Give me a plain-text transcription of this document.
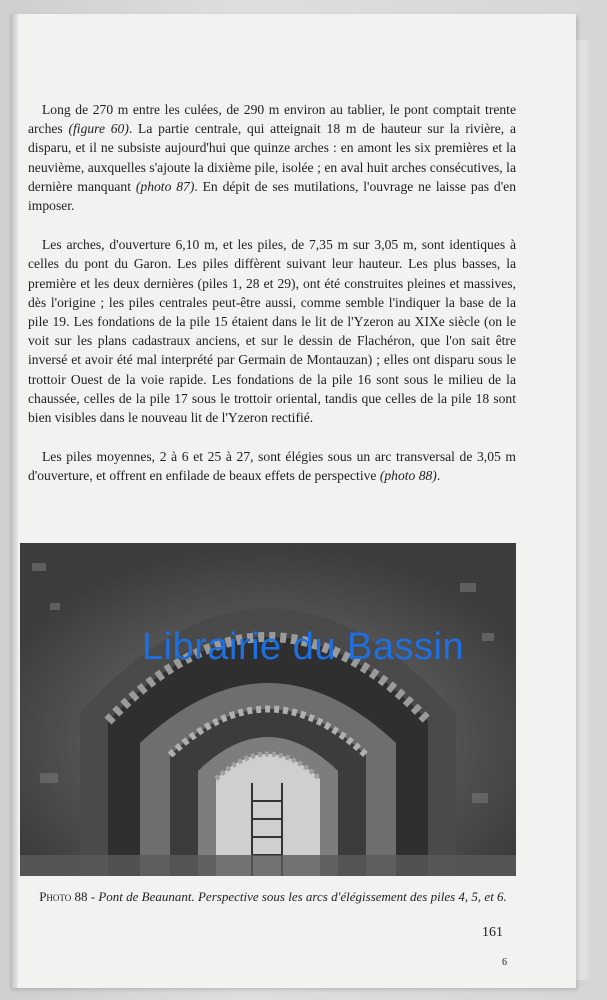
Long de 270 m entre les culées, de 290 m environ au tablier, le pont comptait trente arches (figure 60). La partie centrale, qui atteignait 18 m de hauteur sur la rivière, a disparu, et il ne subsiste aujourd'hui que quinze arches : en amont les six premières et la neuvième, auxquelles s'ajoute la dixième pile, isolée ; en aval huit arches consécutives, la dernière manquant (photo 87). En dépit de ses mutilations, l'ouvrage ne laisse pas d'en imposer.

Les arches, d'ouverture 6,10 m, et les piles, de 7,35 m sur 3,05 m, sont identiques à celles du pont du Garon. Les piles diffèrent suivant leur hauteur. Les plus basses, la première et les deux dernières (piles 1, 28 et 29), ont été construites pleines et massives, dès l'origine ; les piles centrales peut-être aussi, comme semble l'indiquer la base de la pile 19. Les fondations de la pile 15 étaient dans le lit de l'Yzeron au XIXe siècle (on le voit sur les plans cadastraux anciens, et sur le dessin de Flachéron, que l'on sait être inversé et avoir été mal interprété par Germain de Montauzan) ; elles ont disparu sous le trottoir Ouest de la voie rapide. Les fondations de la pile 16 sont sous le milieu de la chaussée, celles de la pile 17 sous le trottoir oriental, tandis que celles de la pile 18 sont bien visibles dans le nouveau lit de l'Yzeron rectifié.

Les piles moyennes, 2 à 6 et 25 à 27, sont élégies sous un arc transversal de 3,05 m d'ouverture, et offrent en enfilade de beaux effets de perspective (photo 88).

Librairie du Bassin
Photo 88 - Pont de Beaunant. Perspective sous les arcs d'élégissement des piles 4, 5, et 6.
161
6
